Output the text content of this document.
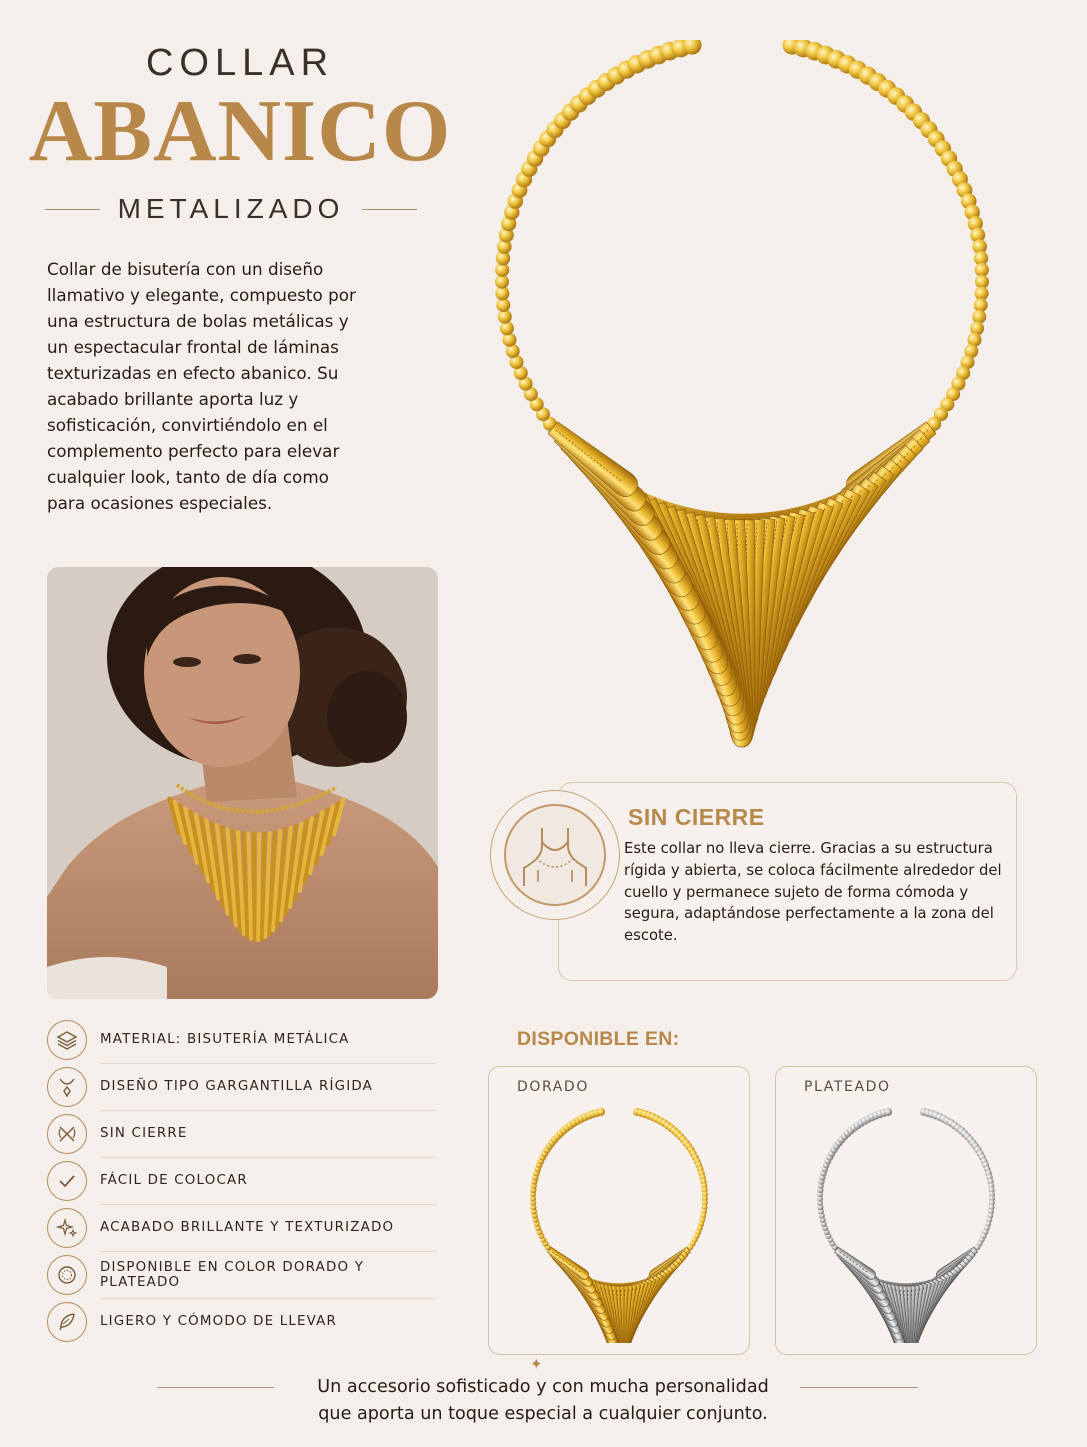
COLLAR
ABANICO
METALIZADO
Collar de bisutería con un diseño llamativo y elegante, compuesto por una estructura de bolas metálicas y un espectacular frontal de láminas texturizadas en efecto abanico. Su acabado brillante aporta luz y sofisticación, convirtiéndolo en el complemento perfecto para elevar cualquier look, tanto de día como para ocasiones especiales.
SIN CIERRE
Este collar no lleva cierre. Gracias a su estructura rígida y abierta, se coloca fácilmente alrededor del cuello y permanece sujeto de forma cómoda y segura, adaptándose perfectamente a la zona del escote.
MATERIAL: BISUTERÍA METÁLICA
DISEÑO TIPO GARGANTILLA RÍGIDA
SIN CIERRE
FÁCIL DE COLOCAR
ACABADO BRILLANTE Y TEXTURIZADO
DISPONIBLE EN COLOR DORADO Y PLATEADO
LIGERO Y CÓMODO DE LLEVAR
DISPONIBLE EN:
DORADO	PLATEADO
✦
Un accesorio sofisticado y con mucha personalidad
que aporta un toque especial a cualquier conjunto.
